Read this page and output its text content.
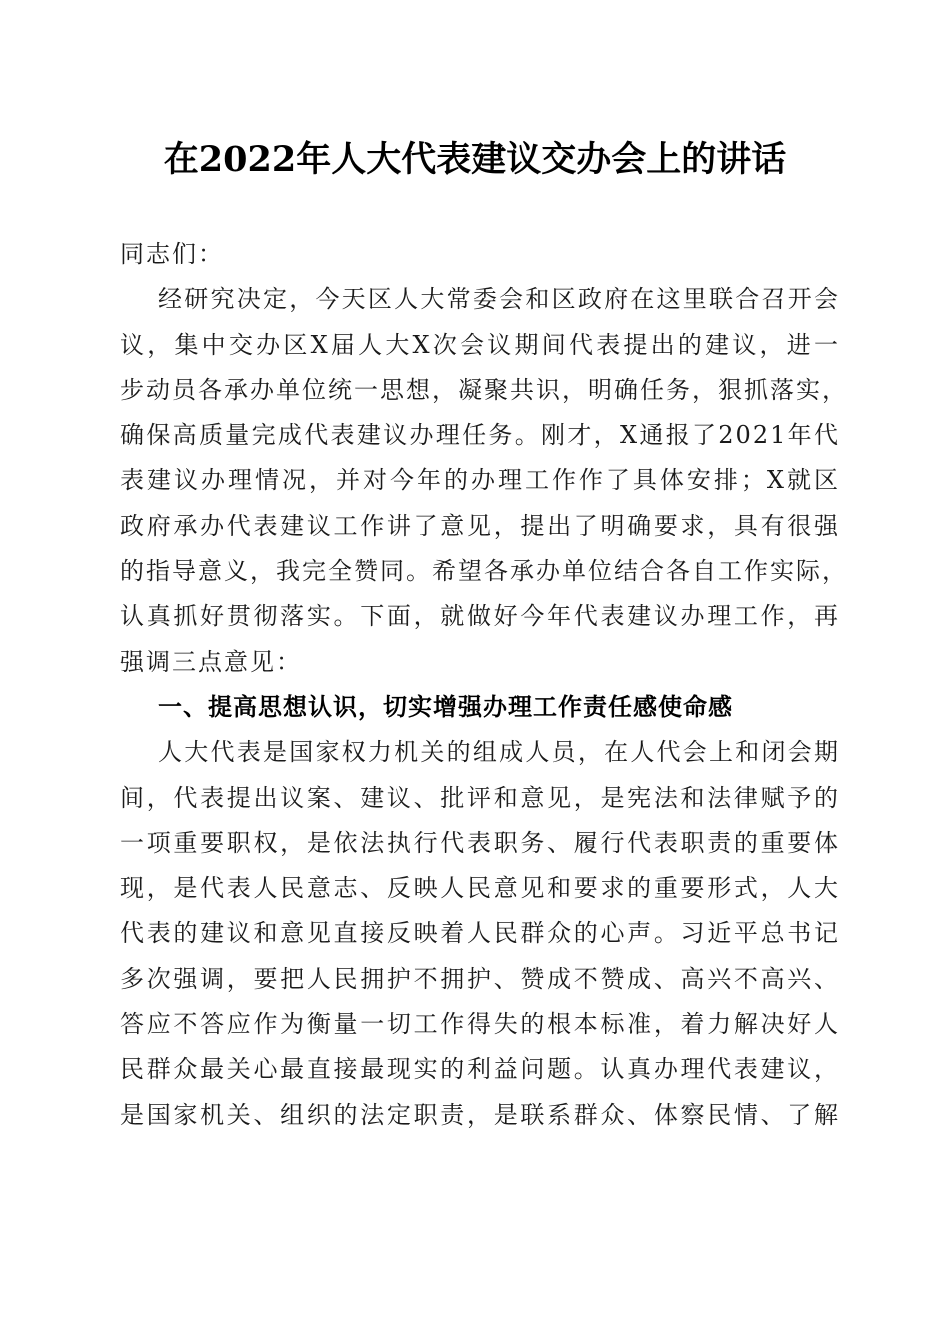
在2022年人大代表建议交办会上的讲话
同志们：
经研究决定，今天区人大常委会和区政府在这里联合召开会
议，集中交办区X届人大X次会议期间代表提出的建议，进一
步动员各承办单位统一思想，凝聚共识，明确任务，狠抓落实，
确保高质量完成代表建议办理任务。刚才，X通报了2021年代
表建议办理情况，并对今年的办理工作作了具体安排；X就区
政府承办代表建议工作讲了意见，提出了明确要求，具有很强
的指导意义，我完全赞同。希望各承办单位结合各自工作实际，
认真抓好贯彻落实。下面，就做好今年代表建议办理工作，再
强调三点意见：
一、提高思想认识，切实增强办理工作责任感使命感
人大代表是国家权力机关的组成人员，在人代会上和闭会期
间，代表提出议案、建议、批评和意见，是宪法和法律赋予的
一项重要职权，是依法执行代表职务、履行代表职责的重要体
现，是代表人民意志、反映人民意见和要求的重要形式，人大
代表的建议和意见直接反映着人民群众的心声。习近平总书记
多次强调，要把人民拥护不拥护、赞成不赞成、高兴不高兴、
答应不答应作为衡量一切工作得失的根本标准，着力解决好人
民群众最关心最直接最现实的利益问题。认真办理代表建议，
是国家机关、组织的法定职责，是联系群众、体察民情、了解
